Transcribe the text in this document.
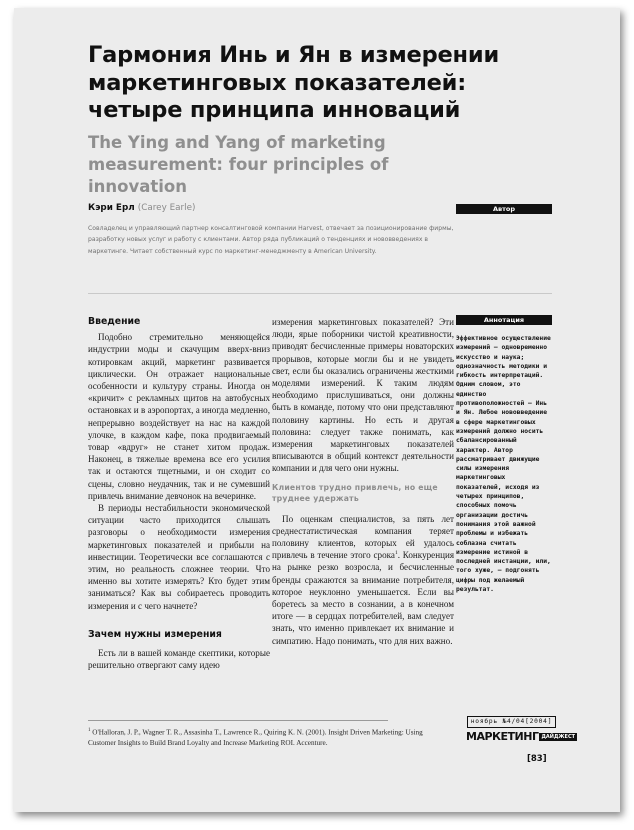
Гармония Инь и Ян в измерении маркетинговых показателей: четыре принципа инноваций
The Ying and Yang of marketing measurement: four principles of innovation
Кэри Ерл (Carey Earle)	Автор
Совладелец и управляющий партнер консалтинговой компании Harvest, отвечает за позиционирование фирмы, разработку новых услуг и работу с клиентами. Автор ряда публикаций о тенденциях и нововведениях в маркетинге. Читает собственный курс по маркетинг-менеджменту в American University.
Введение

Подобно стремительно меняющейся индустрии моды и скачущим вверх-вниз котировкам акций, маркетинг развивается циклически. Он отражает национальные особенности и культуру страны. Иногда он «кричит» с рекламных щитов на автобусных остановках и в аэропортах, а иногда медленно, непрерывно воздействует на нас на каждой улочке, в каждом кафе, пока продвигаемый товар «вдруг» не станет хитом продаж. Наконец, в тяжелые времена все его усилия так и остаются тщетными, и он сходит со сцены, словно неудачник, так и не сумевший привлечь внимание девчонок на вечеринке.

В периоды нестабильности экономической ситуации часто приходится слышать разговоры о необходимости измерения маркетинговых показателей и прибыли на инвестиции. Теоретически все соглашаются с этим, но реальность сложнее теории. Что именно вы хотите измерять? Кто будет этим заниматься? Как вы собираетесь проводить измерения и с чего начнете?

Зачем нужны измерения

Есть ли в вашей команде скептики, которые решительно отвергают саму идею

измерения маркетинговых показателей? Эти люди, ярые поборники чистой креативности, приводят бесчисленные примеры новаторских прорывов, которые могли бы и не увидеть свет, если бы оказались ограничены жесткими моделями измерений. К таким людям необходимо прислушиваться, они должны быть в команде, потому что они представляют половину картины. Но есть и другая половина: следует также понимать, как измерения маркетинговых показателей вписываются в общий контекст деятельности компании и для чего они нужны.

Клиентов трудно привлечь, но еще труднее удержать

По оценкам специалистов, за пять лет среднестатистическая компания теряет половину клиентов, которых ей удалось привлечь в течение этого срока$^1$. Конкуренция на рынке резко возросла, и бесчисленные бренды сражаются за внимание потребителя, которое неуклонно уменьшается. Если вы боретесь за место в сознании, а в конечном итоге — в сердцах потребителей, вам следует знать, что именно привлекает их внимание и симпатию. Надо понимать, что для них важно.

Аннотация
Эффективное осуществление измерений — одновременно искусство и наука; однозначность методики и гибкость интерпретаций. Одним словом, это единство противоположностей — Инь и Ян. Любое нововведение в сфере маркетинговых измерений должно носить сбалансированный характер. Автор рассматривает движущие силы измерения маркетинговых показателей, исходя из четырех принципов, способных помочь организации достичь понимания этой важной проблемы и избежать соблазна считать измерение истиной в последней инстанции, или, того хуже, — подгонять цифры под желаемый результат.
$^1$ O'Halloran, J. P., Wagner T. R., Assasinha T., Lawrence R., Quiring K. N. (2001). Insight Driven Marketing: Using Customer Insights to Build Brand Loyalty and Increase Marketing ROI. Accenture.
ноябрь №4/04[2004]
МАРКЕТИНГ ДАЙДЖЕСТ
[83]
